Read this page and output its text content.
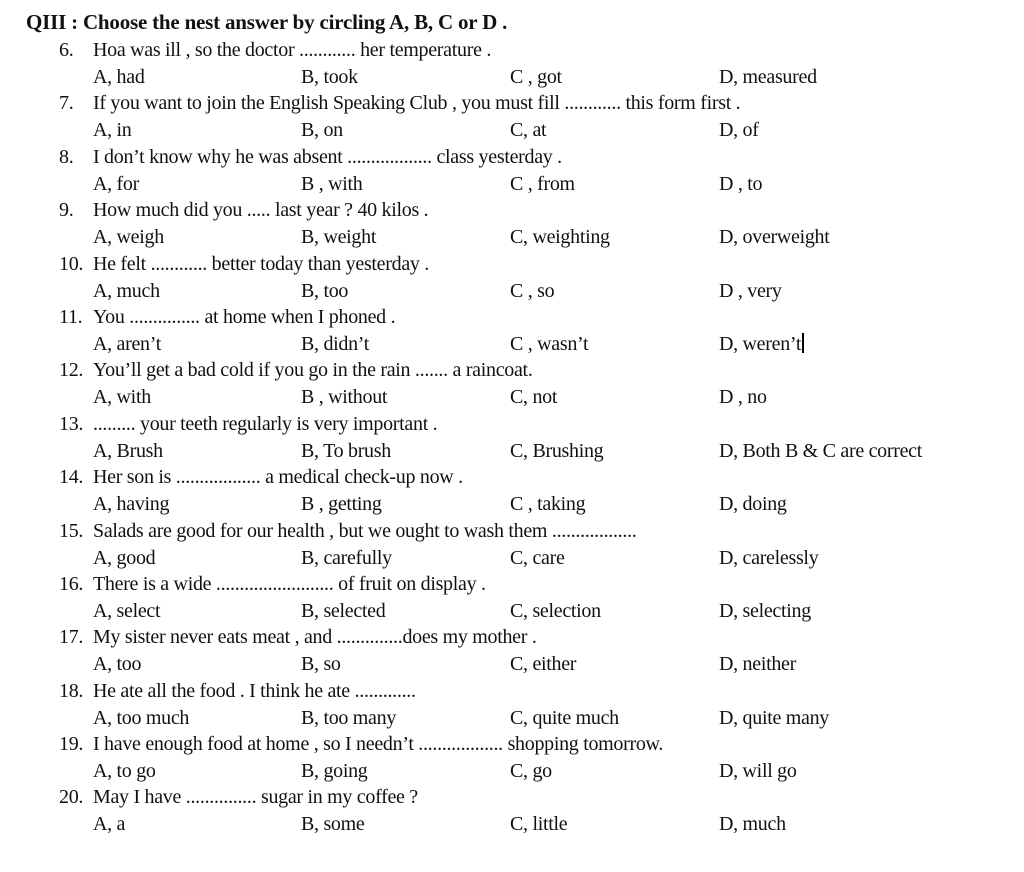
QIII : Choose the nest answer by circling A, B, C or D .
6. Hoa was ill , so the doctor ............ her temperature .
A, had	B, took	C , got	D, measured
7. If you want to join the English Speaking Club , you must fill ............ this form first .
A, in	B, on	C, at	D, of
8. I don’t know why he was absent .................. class yesterday .
A, for	B , with	C , from	D , to
9. How much did you ..... last year ? 40 kilos .
A, weigh	B, weight	C, weighting	D, overweight
10. He felt ............ better today than yesterday .
A, much	B, too	C , so	D , very
11. You ............... at home when I phoned .
A, aren’t	B, didn’t	C , wasn’t	D, weren’t
12. You’ll get a bad cold if you go in the rain ....... a raincoat.
A, with	B , without	C, not	D , no
13. ......... your teeth regularly is very important .
A, Brush	B, To brush	C, Brushing	D, Both B & C are correct
14. Her son is .................. a medical check-up now .
A, having	B , getting	C , taking	D, doing
15. Salads are good for our health , but we ought to wash them ..................
A, good	B, carefully	C, care	D, carelessly
16. There is a wide ......................... of fruit on display .
A, select	B, selected	C, selection	D, selecting
17. My sister never eats meat , and ..............does my mother .
A, too	B, so	C, either	D, neither
18. He ate all the food . I think he ate .............
A, too much	B, too many	C, quite much	D, quite many
19. I have enough food at home , so I needn’t .................. shopping tomorrow.
A, to go	B, going	C, go	D, will go
20. May I have ............... sugar in my coffee ?
A, a	B, some	C, little	D, much
